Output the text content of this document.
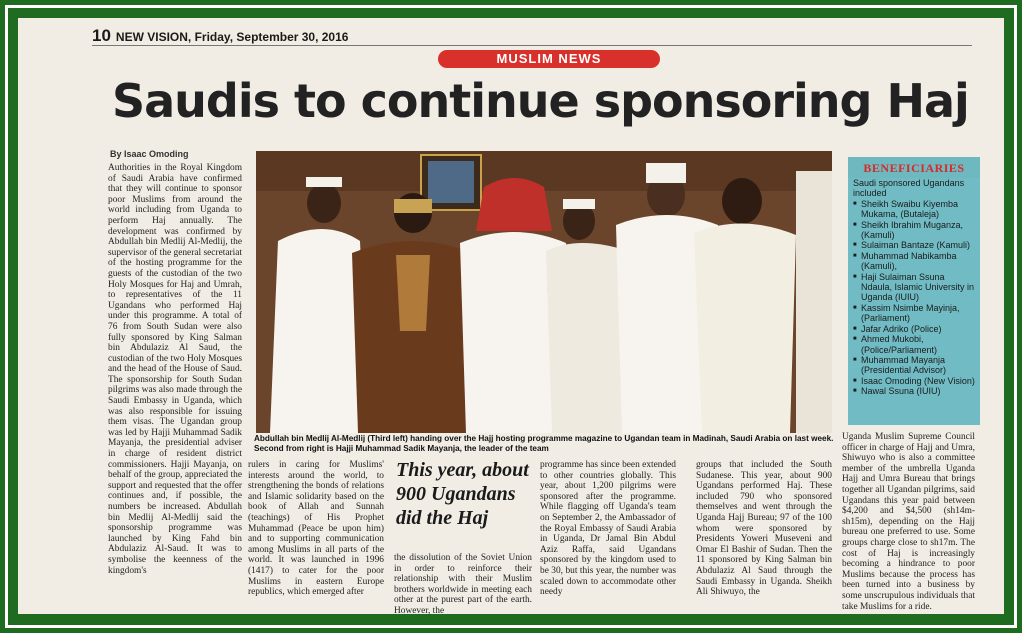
10 NEW VISION, Friday, September 30, 2016
MUSLIM NEWS
Saudis to continue sponsoring Haj
By Isaac Omoding
Authorities in the Royal Kingdom of Saudi Arabia have confirmed that they will continue to sponsor poor Muslims from around the world including from Uganda to perform Haj annually. The development was confirmed by Abdullah bin Medlij Al-Medlij, the supervisor of the general secretariat of the hosting programme for the guests of the custodian of the two Holy Mosques for Haj and Umrah, to representatives of the 11 Ugandans who performed Haj under this programme. A total of 76 from South Sudan were also fully sponsored by King Salman bin Abdulaziz Al Saud, the custodian of the two Holy Mosques and the head of the House of Saud. The sponsorship for South Sudan pilgrims was also made through the Saudi Embassy in Uganda, which was also responsible for issuing them visas. The Ugandan group was led by Hajji Muhammad Sadik Mayanja, the presidential adviser in charge of resident district commissioners. Hajji Mayanja, on behalf of the group, appreciated the support and requested that the offer continues and, if possible, the numbers be increased. Abdullah bin Medlij Al-Medlij said the sponsorship programme was launched by King Fahd bin Abdulaziz Al-Saud. It was to symbolise the keenness of the kingdom's
Abdullah bin Medlij Al-Medlij (Third left) handing over the Hajj hosting programme magazine to Ugandan team in Madinah, Saudi Arabia on last week. Second from right is Hajji Muhammad Sadik Mayanja, the leader of the team
BENEFICIARIES
Saudi sponsored Ugandans included
■ Sheikh Swaibu Kiyemba Mukama, (Butaleja)
■ Sheikh Ibrahim Muganza, (Kamuli)
■ Sulaiman Bantaze (Kamuli)
■ Muhammad Nabikamba (Kamuli),
■ Haji Sulaiman Ssuna Ndaula, Islamic University in Uganda (IUIU)
■ Kassim Nsimbe Mayinja, (Parliament)
■ Jafar Adriko (Police)
■ Ahmed Mukobi, (Police/Parliament)
■ Muhammad Mayanja (Presidential Advisor)
■ Isaac Omoding (New Vision)
■ Nawal Ssuna (IUIU)
rulers in caring for Muslims' interests around the world, to strengthening the bonds of relations and Islamic solidarity based on the book of Allah and Sunnah (teachings) of His Prophet Muhammad (Peace be upon him) and to supporting communication among Muslims in all parts of the world. It was launched in 1996 (1417) to cater for the poor Muslims in eastern Europe republics, which emerged after
This year, about 900 Ugandans did the Haj
the dissolution of the Soviet Union in order to reinforce their relationship with their Muslim brothers worldwide in meeting each other at the purest part of the earth. However, the
programme has since been extended to other countries globally. This year, about 1,200 pilgrims were sponsored after the programme. While flagging off Uganda's team on September 2, the Ambassador of the Royal Embassy of Saudi Arabia in Uganda, Dr Jamal Bin Abdul Aziz Raffa, said Ugandans sponsored by the kingdom used to be 30, but this year, the number was scaled down to accommodate other needy
groups that included the South Sudanese. This year, about 900 Ugandans performed Haj. These included 790 who sponsored themselves and went through the Uganda Hajj Bureau; 97 of the 100 whom were sponsored by Presidents Yoweri Museveni and Omar El Bashir of Sudan. Then the 11 sponsored by King Salman bin Abdulaziz Al Saud through the Saudi Embassy in Uganda. Sheikh Ali Shiwuyo, the
Uganda Muslim Supreme Council officer in charge of Hajj and Umra, Shiwuyo who is also a committee member of the umbrella Uganda Hajj and Umra Bureau that brings together all Ugandan pilgrims, said Ugandans this year paid between $4,200 and $4,500 (sh14m-sh15m), depending on the Hajj bureau one preferred to use. Some groups charge close to sh17m. The cost of Haj is increasingly becoming a hindrance to poor Muslims because the process has been turned into a business by some unscrupulous individuals that take Muslims for a ride.
